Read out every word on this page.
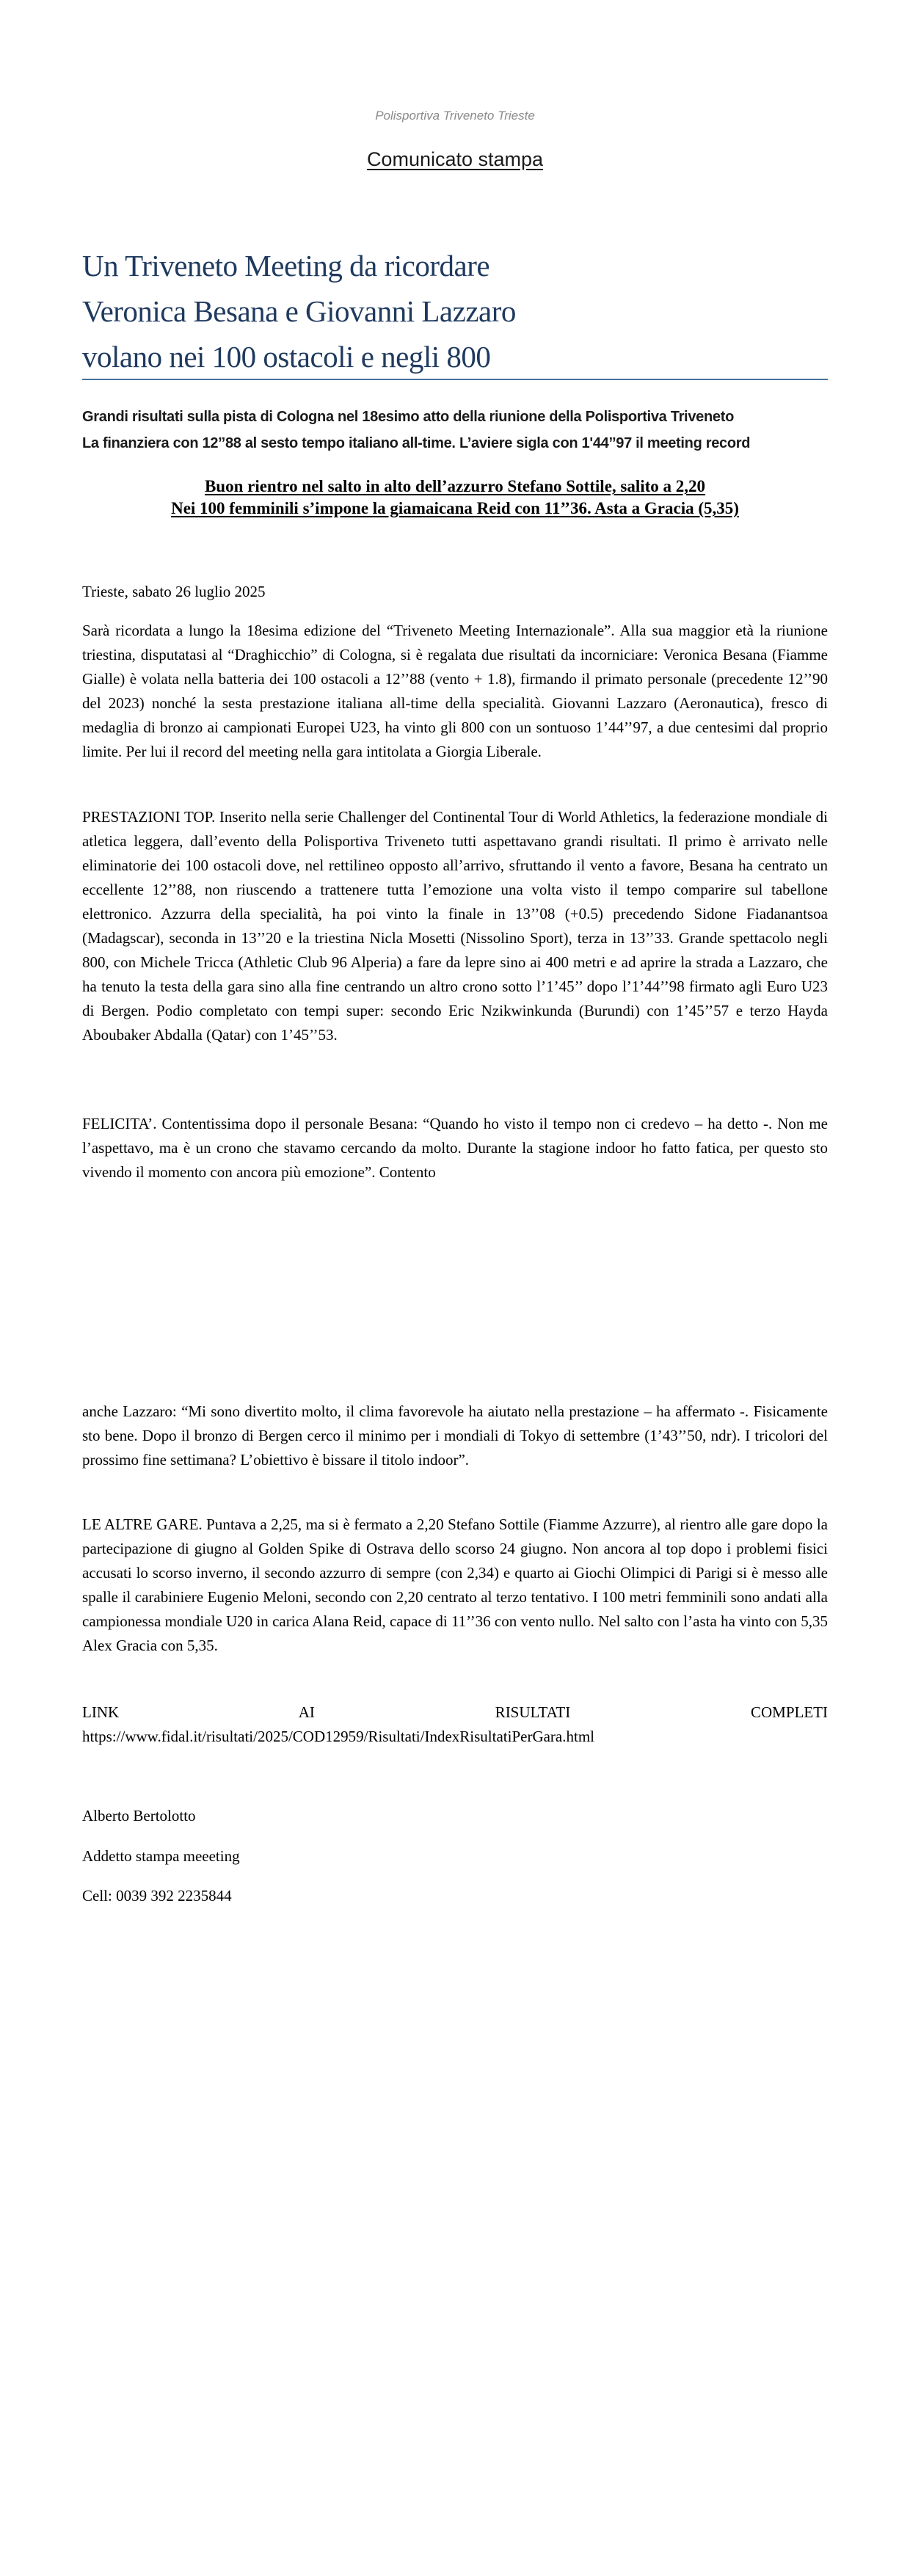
Polisportiva Triveneto Trieste
Comunicato stampa
Un Triveneto Meeting da ricordare
Veronica Besana e Giovanni Lazzaro
volano nei 100 ostacoli e negli 800
Grandi risultati sulla pista di Cologna nel 18esimo atto della riunione della Polisportiva Triveneto
La finanziera con 12’’88 al sesto tempo italiano all-time. L’aviere sigla con 1'44’’97 il meeting record
Buon rientro nel salto in alto dell’azzurro Stefano Sottile, salito a 2,20
Nei 100 femminili s’impone la giamaicana Reid con 11’’36. Asta a Gracia (5,35)

Trieste, sabato 26 luglio 2025

Sarà ricordata a lungo la 18esima edizione del “Triveneto Meeting Internazionale”. Alla sua maggior età la riunione triestina, disputatasi al “Draghicchio” di Cologna, si è regalata due risultati da incorniciare: Veronica Besana (Fiamme Gialle) è volata nella batteria dei 100 ostacoli a 12’’88 (vento + 1.8), firmando il primato personale (precedente 12’’90 del 2023) nonché la sesta prestazione italiana all-time della specialità. Giovanni Lazzaro (Aeronautica), fresco di medaglia di bronzo ai campionati Europei U23, ha vinto gli 800 con un sontuoso 1’44’’97, a due centesimi dal proprio limite. Per lui il record del meeting nella gara intitolata a Giorgia Liberale.

PRESTAZIONI TOP. Inserito nella serie Challenger del Continental Tour di World Athletics, la federazione mondiale di atletica leggera, dall’evento della Polisportiva Triveneto tutti aspettavano grandi risultati. Il primo è arrivato nelle eliminatorie dei 100 ostacoli dove, nel rettilineo opposto all’arrivo, sfruttando il vento a favore, Besana ha centrato un eccellente 12’’88, non riuscendo a trattenere tutta l’emozione una volta visto il tempo comparire sul tabellone elettronico. Azzurra della specialità, ha poi vinto la finale in 13’’08 (+0.5) precedendo Sidone Fiadanantsoa (Madagscar), seconda in 13’’20 e la triestina Nicla Mosetti (Nissolino Sport), terza in 13’’33. Grande spettacolo negli 800, con Michele Tricca (Athletic Club 96 Alperia) a fare da lepre sino ai 400 metri e ad aprire la strada a Lazzaro, che ha tenuto la testa della gara sino alla fine centrando un altro crono sotto l’1’45’’ dopo l’1’44’’98 firmato agli Euro U23 di Bergen. Podio completato con tempi super: secondo Eric Nzikwinkunda (Burundi) con 1’45’’57 e terzo Hayda Aboubaker Abdalla (Qatar) con 1’45’’53.

FELICITA’. Contentissima dopo il personale Besana: “Quando ho visto il tempo non ci credevo – ha detto -. Non me l’aspettavo, ma è un crono che stavamo cercando da molto. Durante la stagione indoor ho fatto fatica, per questo sto vivendo il momento con ancora più emozione”. Contento

anche Lazzaro: “Mi sono divertito molto, il clima favorevole ha aiutato nella prestazione – ha affermato -. Fisicamente sto bene. Dopo il bronzo di Bergen cerco il minimo per i mondiali di Tokyo di settembre (1’43’’50, ndr). I tricolori del prossimo fine settimana? L’obiettivo è bissare il titolo indoor”.

LE ALTRE GARE. Puntava a 2,25, ma si è fermato a 2,20 Stefano Sottile (Fiamme Azzurre), al rientro alle gare dopo la partecipazione di giugno al Golden Spike di Ostrava dello scorso 24 giugno. Non ancora al top dopo i problemi fisici accusati lo scorso inverno, il secondo azzurro di sempre (con 2,34) e quarto ai Giochi Olimpici di Parigi si è messo alle spalle il carabiniere Eugenio Meloni, secondo con 2,20 centrato al terzo tentativo. I 100 metri femminili sono andati alla campionessa mondiale U20 in carica Alana Reid, capace di 11’’36 con vento nullo. Nel salto con l’asta ha vinto con 5,35 Alex Gracia con 5,35.

LINK AI RISULTATI COMPLETI

https://www.fidal.it/risultati/2025/COD12959/Risultati/IndexRisultatiPerGara.html

Alberto Bertolotto

Addetto stampa meeeting

Cell: 0039 392 2235844
